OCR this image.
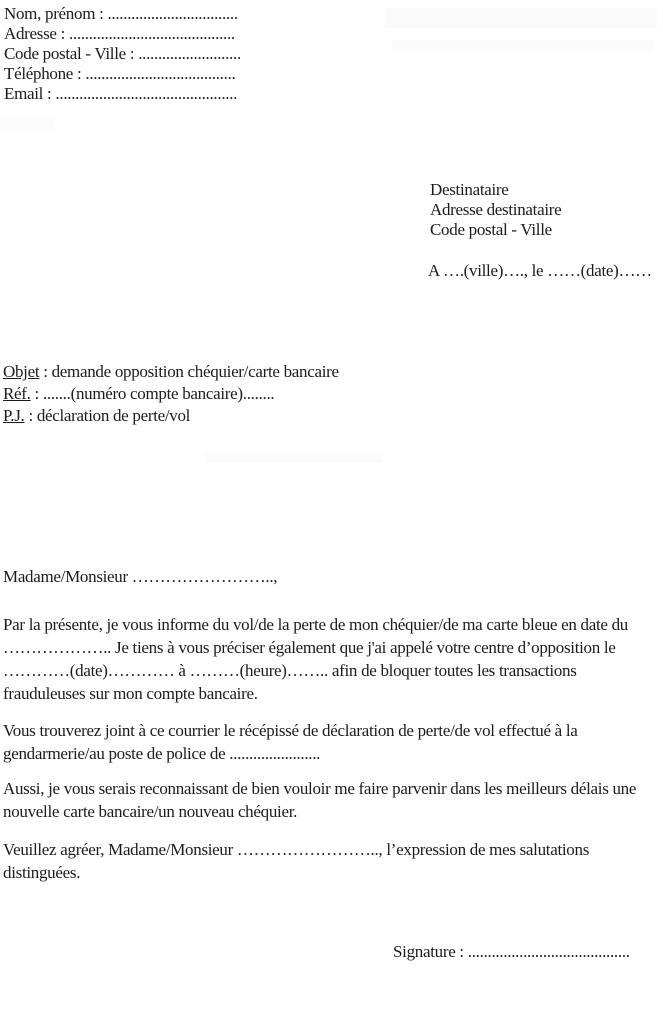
Nom, prénom : .................................
Adresse : ..........................................
Code postal - Ville : ..........................
Téléphone : ......................................
Email : ..............................................
Destinataire
Adresse destinataire
Code postal - Ville
A ….(ville)…., le ……(date)……
Objet : demande opposition chéquier/carte bancaire
Réf. : .......(numéro compte bancaire)........
P.J. : déclaration de perte/vol
Madame/Monsieur ……………………..,

Par la présente, je vous informe du vol/de la perte de mon chéquier/de ma carte bleue en date du ……………….. Je tiens à vous préciser également que j'ai appelé votre centre d’opposition le …………(date)………… à ………(heure)…….. afin de bloquer toutes les transactions frauduleuses sur mon compte bancaire.

Vous trouverez joint à ce courrier le récépissé de déclaration de perte/de vol effectué à la gendarmerie/au poste de police de .......................

Aussi, je vous serais reconnaissant de bien vouloir me faire parvenir dans les meilleurs délais une nouvelle carte bancaire/un nouveau chéquier.

Veuillez agréer, Madame/Monsieur …………………….., l’expression de mes salutations distinguées.

Signature : .........................................
